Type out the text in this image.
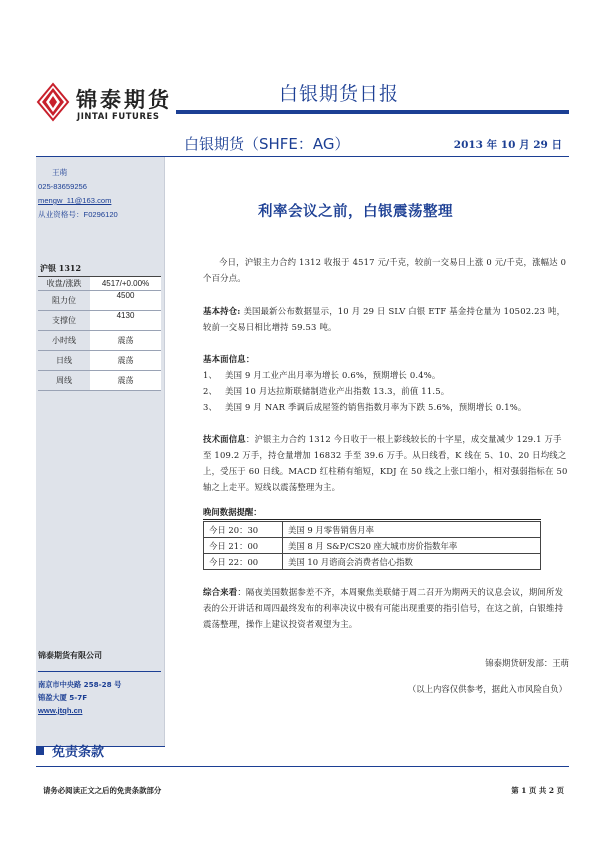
锦泰期货
JINTAI FUTURES
白银期货日报
白银期货（SHFE：AG）	2013 年 10 月 29 日
王萌
025-83659256
mengw_11@163.com
从业资格号：F0296120
沪银 1312	
收盘/涨跌	4517/+0.00%
阻力位	4500
支撑位	4130
小时线	震荡
日线	震荡
周线	震荡
锦泰期货有限公司
南京市中央路 258-28 号
锦盈大厦 5-7F
www.jtqh.cn
利率会议之前，白银震荡整理
今日，沪银主力合约 1312 收报于 4517 元/千克，较前一交易日上涨 0 元/千克，涨幅达 0 个百分点。
基本持仓: 美国最新公布数据显示，10 月 29 日 SLV 白银 ETF 基金持仓量为 10502.23 吨，较前一交易日相比增持 59.53 吨。
基本面信息：
1、 美国 9 月工业产出月率为增长 0.6%，预期增长 0.4%。
2、 美国 10 月达拉斯联储制造业产出指数 13.3，前值 11.5。
3、 美国 9 月 NAR 季调后成屋签约销售指数月率为下跌 5.6%，预期增长 0.1%。
技术面信息：沪银主力合约 1312 今日收于一根上影线较长的十字星，成交量减少 129.1 万手至 109.2 万手，持仓量增加 16832 手至 39.6 万手。从日线看，K 线在 5、10、20 日均线之上，受压于 60 日线。MACD 红柱稍有缩短，KDJ 在 50 线之上张口缩小，相对强弱指标在 50 轴之上走平。短线以震荡整理为主。
晚间数据提醒：
今日 20：30	美国 9 月零售销售月率
今日 21：00	美国 8 月 S&P/CS20 座大城市房价指数年率
今日 22：00	美国 10 月谘商会消费者信心指数
综合来看：隔夜美国数据参差不齐，本周聚焦美联储于周二召开为期两天的议息会议，期间所发表的公开讲话和周四最终发布的利率决议中极有可能出现重要的指引信号，在这之前，白银维持震荡整理，操作上建议投资者观望为主。
锦泰期货研发部：王萌
（以上内容仅供参考，据此入市风险自负）
免责条款
请务必阅读正文之后的免责条款部分	第 1 页 共 2 页
